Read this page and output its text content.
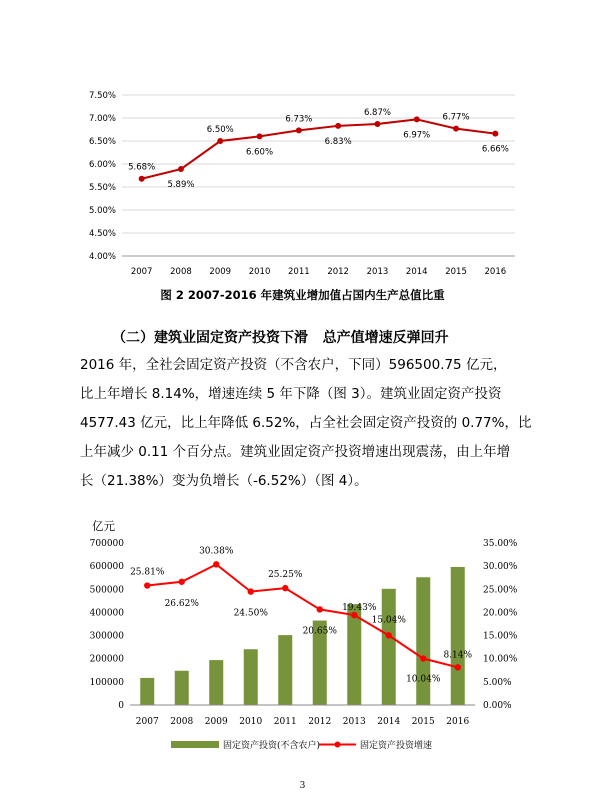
4.00%
4.50%
5.00%
5.50%
6.00%
6.50%
7.00%
7.50%
2007 2008 2009 2010 2011 2012 2013 2014 2015 2016
5.68%
5.89%
6.50%
6.60%
6.73%
6.83%
6.87%
6.97%
6.77%
6.66%
亿元
0
100000
200000
300000
400000
500000
600000
700000
0.00%
5.00%
10.00%
15.00%
20.00%
25.00%
30.00%
35.00%
2007 2008 2009 2010 2011 2012 2013 2014 2015 2016
25.81%
26.62%
30.38%
24.50%
25.25%
20.65%
19.43%
15.04%
10.04%
8.14%
固定资产投资(不含农户)	固定资产投资增速
图 2 2007-2016 年建筑业增加值占国内生产总值比重
（二）建筑业固定资产投资下滑   总产值增速反弹回升
2016 年，全社会固定资产投资（不含农户，下同）596500.75 亿元，
比上年增长 8.14%，增速连续 5 年下降（图 3）。建筑业固定资产投资
4577.43 亿元，比上年降低 6.52%，占全社会固定资产投资的 0.77%，比
上年减少 0.11 个百分点。建筑业固定资产投资增速出现震荡，由上年增
长（21.38%）变为负增长（-6.52%）（图 4）。
3
